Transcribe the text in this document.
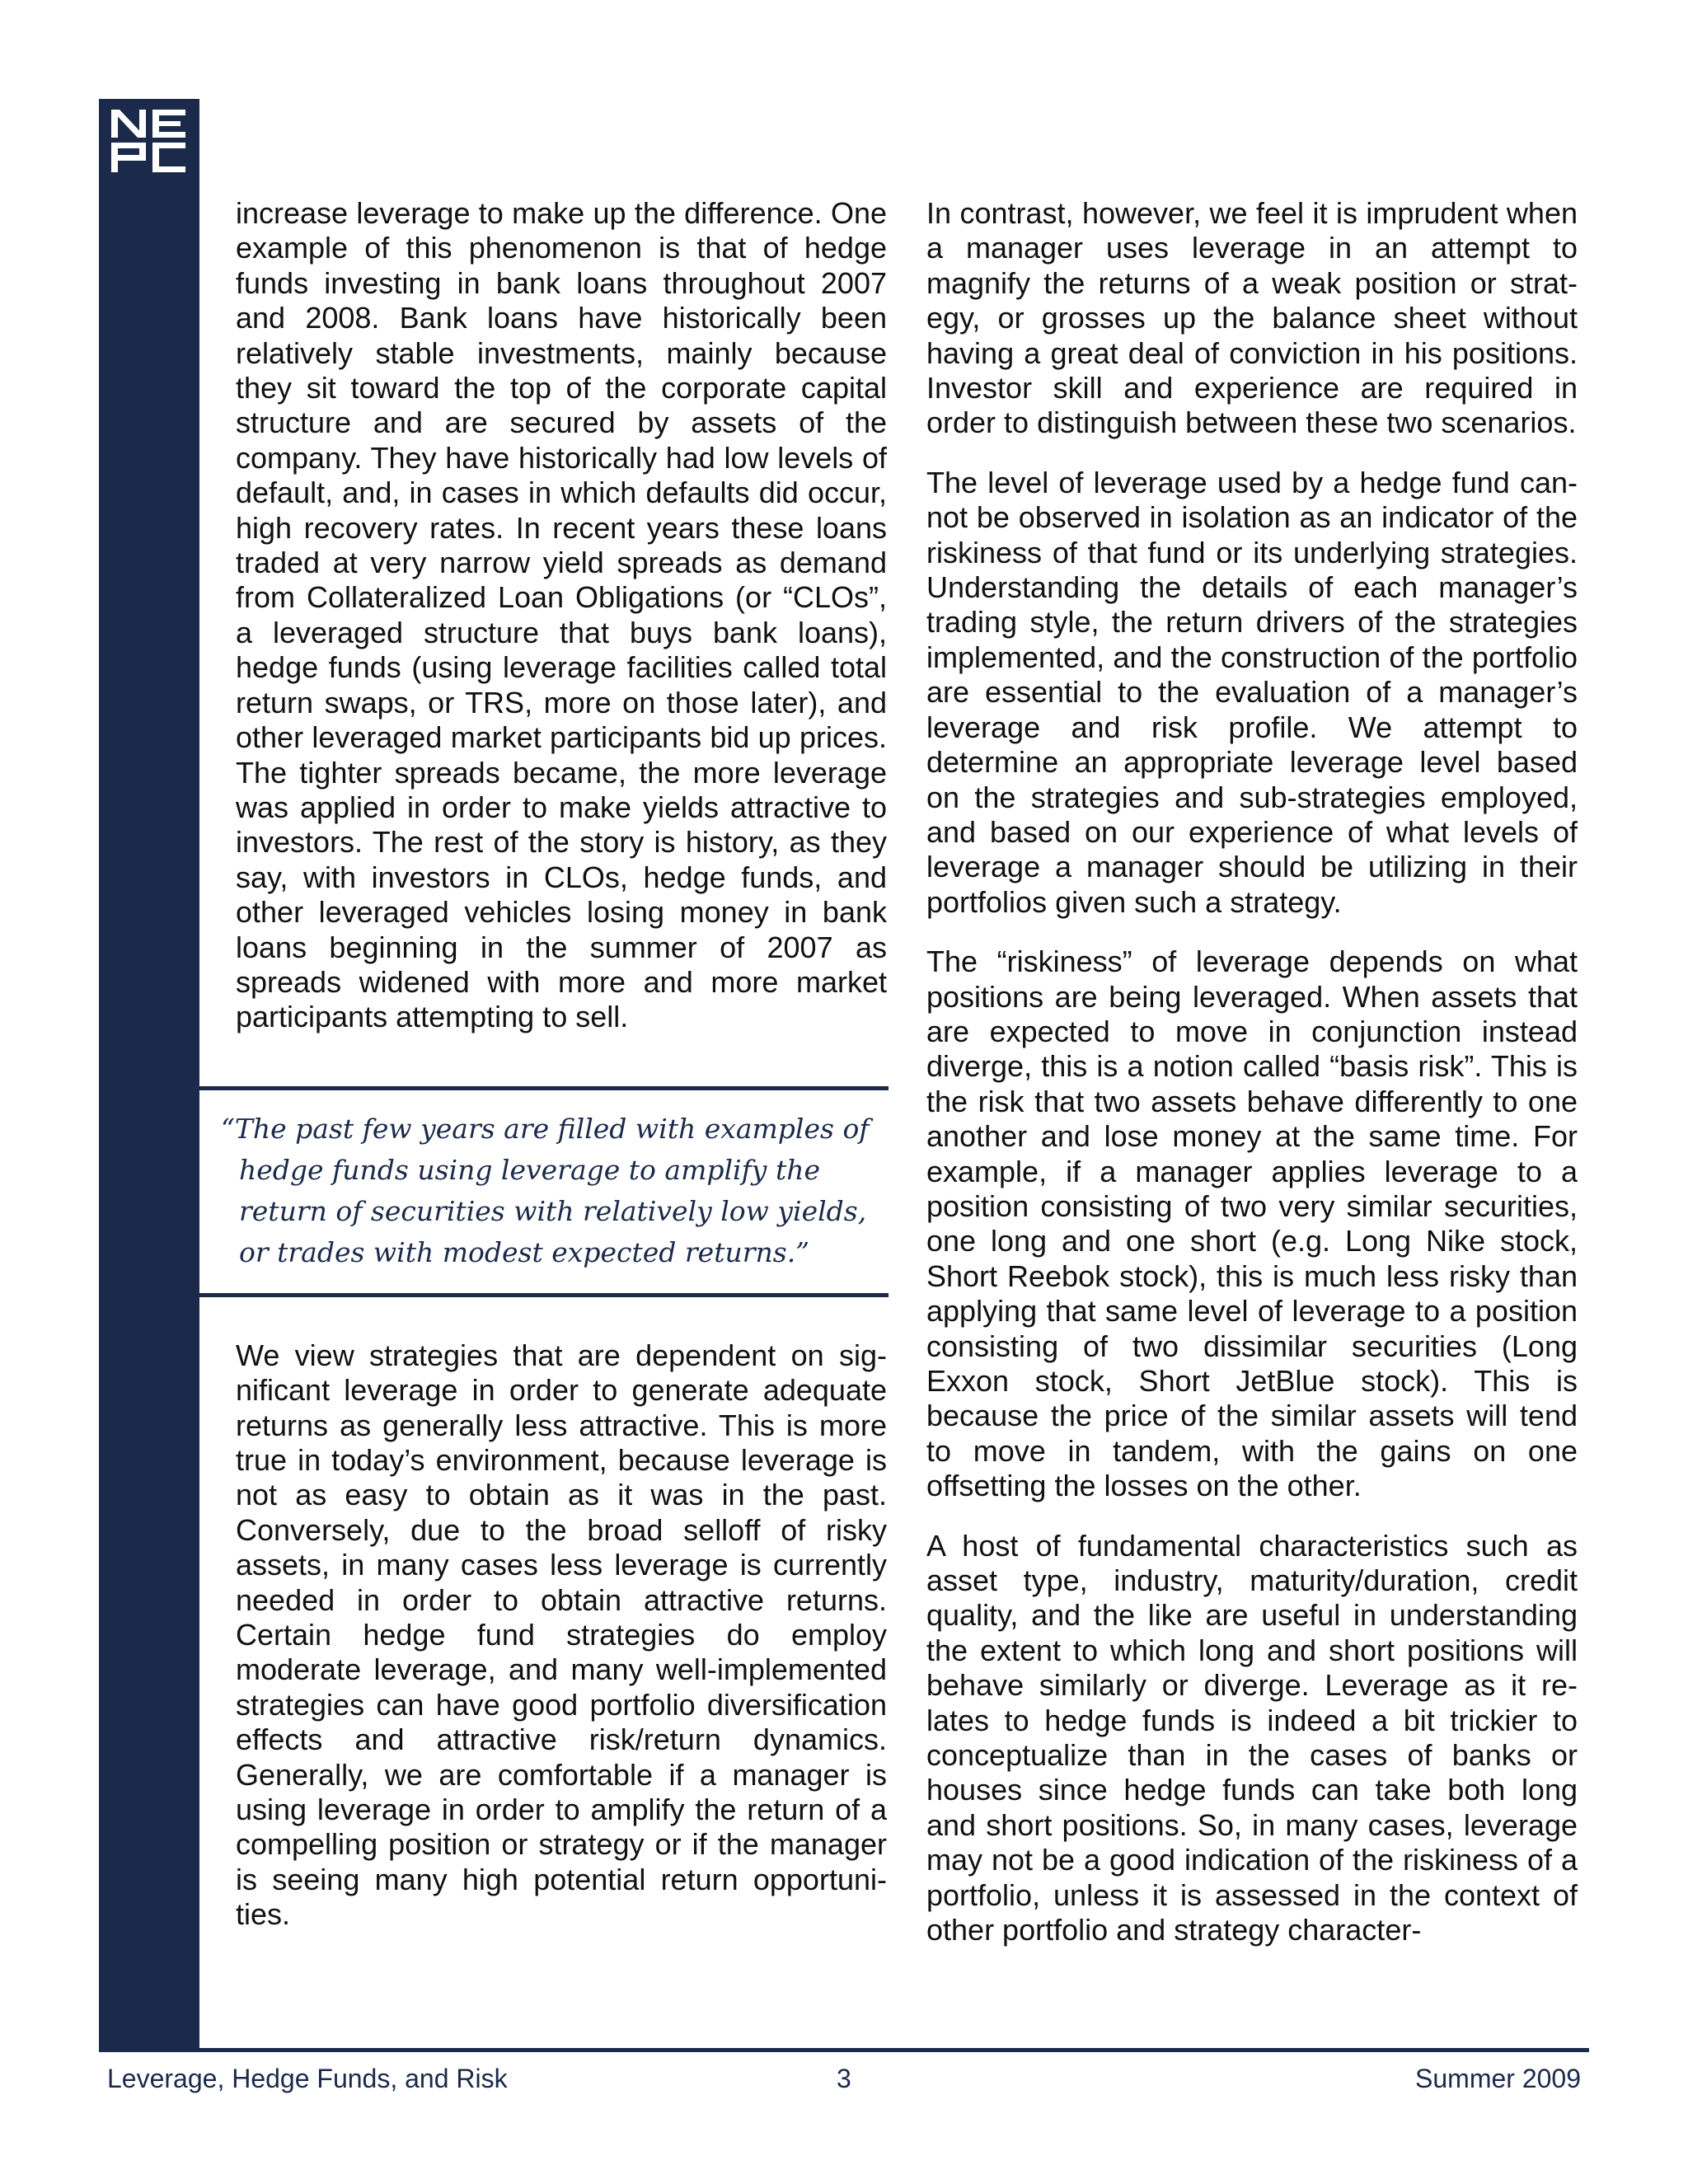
increase leverage to make up the difference. One example of this phenomenon is that of hedge funds investing in bank loans throughout 2007 and 2008. Bank loans have historically been relatively stable investments, mainly because they sit toward the top of the corporate capital structure and are secured by assets of the company. They have historically had low levels of default, and, in cases in which defaults did occur, high recovery rates. In recent years these loans traded at very narrow yield spreads as demand from Collateralized Loan Obligations (or “CLOs”, a leveraged structure that buys bank loans), hedge funds (using leverage facilities called total return swaps, or TRS, more on those later), and other leveraged market participants bid up prices. The tighter spreads became, the more leverage was applied in order to make yields attractive to investors. The rest of the story is history, as they say, with investors in CLOs, hedge funds, and other leveraged vehicles losing money in bank loans beginning in the summer of 2007 as spreads widened with more and more market participants attempting to sell.

“The past few years are filled with examples of hedge funds using leverage to amplify the return of securities with relatively low yields, or trades with modest expected returns.”

We view strategies that are dependent on significant leverage in order to generate adequate returns as generally less attractive. This is more true in today’s environment, because leverage is not as easy to obtain as it was in the past. Conversely, due to the broad selloff of risky assets, in many cases less leverage is currently needed in order to obtain attractive returns. Certain hedge fund strategies do employ moderate leverage, and many well-implemented strategies can have good portfolio diversification effects and attractive risk/return dynamics. Generally, we are comfortable if a manager is using leverage in order to amplify the return of a compelling position or strategy or if the manager is seeing many high potential return opportunities.

In contrast, however, we feel it is imprudent when a manager uses leverage in an attempt to magnify the returns of a weak position or strategy, or grosses up the balance sheet without having a great deal of conviction in his positions. Investor skill and experience are required in order to distinguish between these two scenarios.

The level of leverage used by a hedge fund cannot be observed in isolation as an indicator of the riskiness of that fund or its underlying strategies. Understanding the details of each manager’s trading style, the return drivers of the strategies implemented, and the construction of the portfolio are essential to the evaluation of a manager’s leverage and risk profile. We attempt to determine an appropriate leverage level based on the strategies and sub-strategies employed, and based on our experience of what levels of leverage a manager should be utilizing in their portfolios given such a strategy.

The “riskiness” of leverage depends on what positions are being leveraged. When assets that are expected to move in conjunction instead diverge, this is a notion called “basis risk”. This is the risk that two assets behave differently to one another and lose money at the same time. For example, if a manager applies leverage to a position consisting of two very similar securities, one long and one short (e.g. Long Nike stock, Short Reebok stock), this is much less risky than applying that same level of leverage to a position consisting of two dissimilar securities (Long Exxon stock, Short JetBlue stock). This is because the price of the similar assets will tend to move in tandem, with the gains on one offsetting the losses on the other.

A host of fundamental characteristics such as asset type, industry, maturity/duration, credit quality, and the like are useful in understanding the extent to which long and short positions will behave similarly or diverge. Leverage as it relates to hedge funds is indeed a bit trickier to conceptualize than in the cases of banks or houses since hedge funds can take both long and short positions. So, in many cases, leverage may not be a good indication of the riskiness of a portfolio, unless it is assessed in the context of other portfolio and strategy character-

Leverage, Hedge Funds, and Risk	3	Summer 2009
